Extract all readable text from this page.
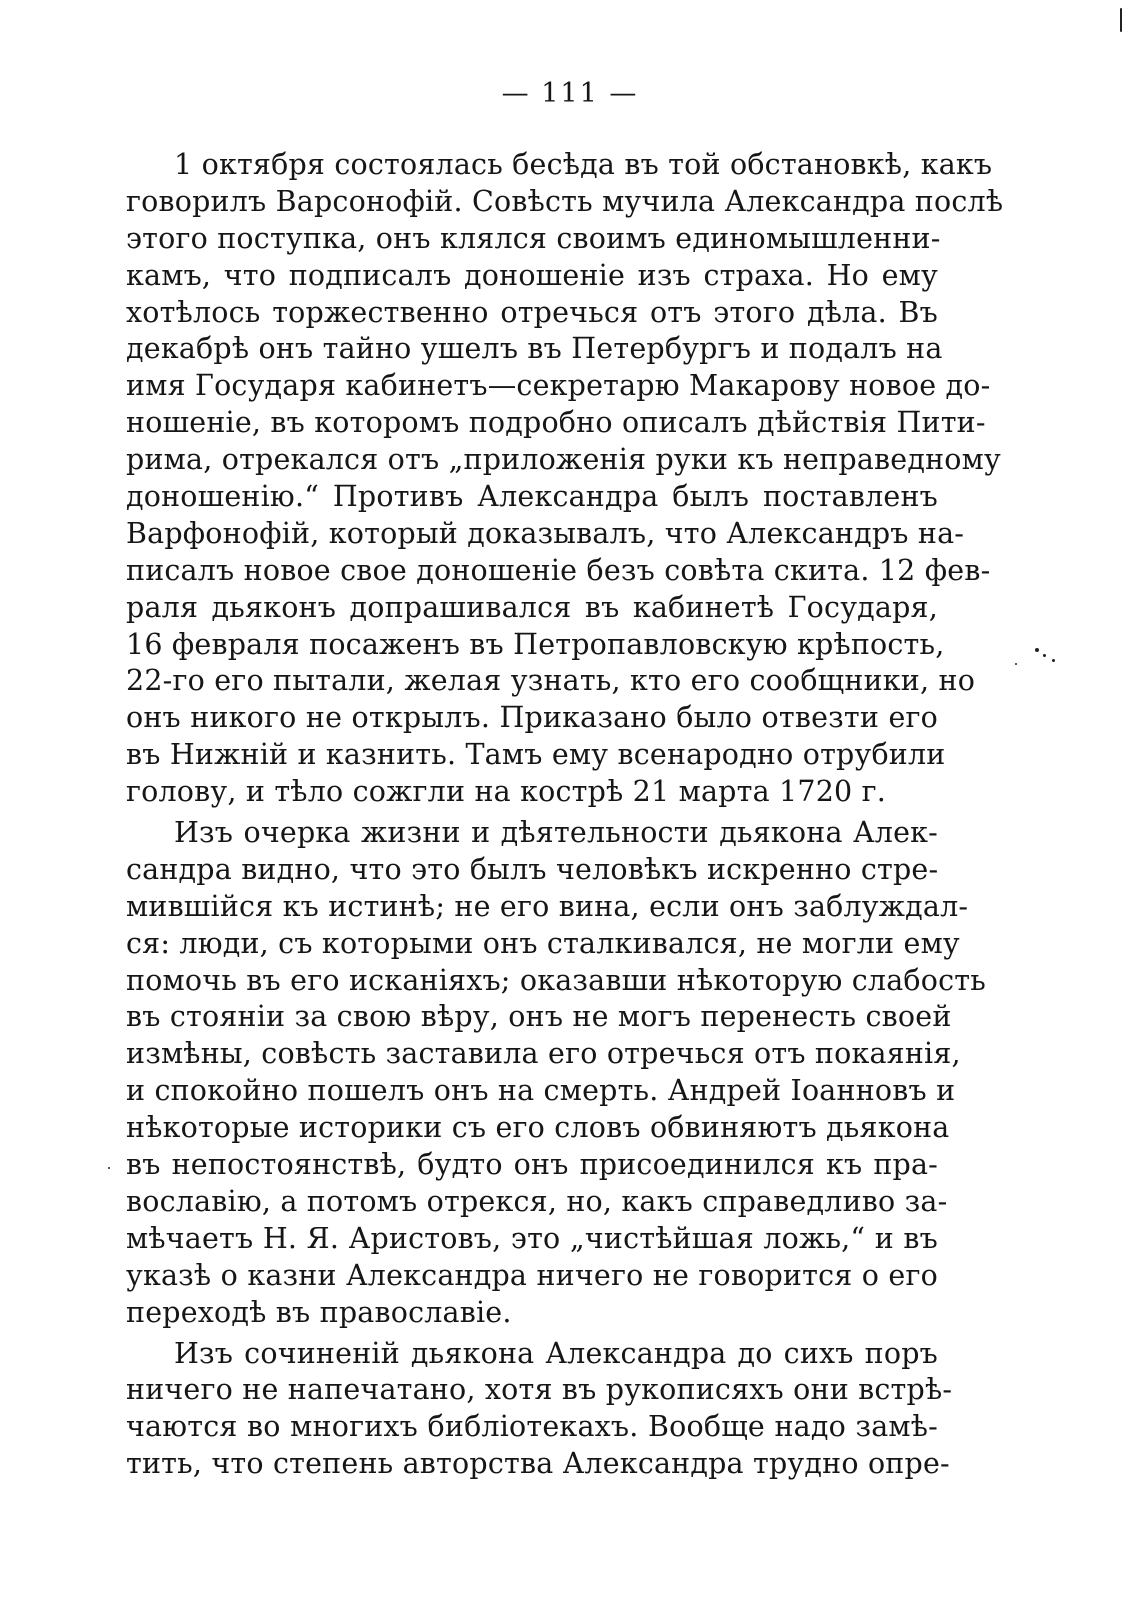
— 111 —
1 октября состоялась бесѣда въ той обстановкѣ, какъ
говорилъ Варсонофій. Совѣсть мучила Александра послѣ
этого поступка, онъ клялся своимъ единомышленни-
камъ, что подписалъ доношеніе изъ страха. Но ему
хотѣлось торжественно отречься отъ этого дѣла. Въ
декабрѣ онъ тайно ушелъ въ Петербургъ и подалъ на
имя Государя кабинетъ—секретарю Макарову новое до-
ношеніе, въ которомъ подробно описалъ дѣйствія Пити-
рима, отрекался отъ „приложенія руки къ неправедному
доношенію.“ Противъ Александра былъ поставленъ
Варфонофій, который доказывалъ, что Александръ на-
писалъ новое свое доношеніе безъ совѣта скита. 12 фев-
раля дьяконъ допрашивался въ кабинетѣ Государя,
16 февраля посаженъ въ Петропавловскую крѣпость,
22-го его пытали, желая узнать, кто его сообщники, но
онъ никого не открылъ. Приказано было отвезти его
въ Нижній и казнить. Тамъ ему всенародно отрубили
голову, и тѣло сожгли на кострѣ 21 марта 1720 г.
Изъ очерка жизни и дѣятельности дьякона Алек-
сандра видно, что это былъ человѣкъ искренно стре-
мившійся къ истинѣ; не его вина, если онъ заблуждал-
ся: люди, съ которыми онъ сталкивался, не могли ему
помочь въ его исканіяхъ; оказавши нѣкоторую слабость
въ стояніи за свою вѣру, онъ не могъ перенесть своей
измѣны, совѣсть заставила его отречься отъ покаянія,
и спокойно пошелъ онъ на смерть. Андрей Іоанновъ и
нѣкоторые историки съ его словъ обвиняютъ дьякона
въ непостоянствѣ, будто онъ присоединился къ пра-
вославію, а потомъ отрекся, но, какъ справедливо за-
мѣчаетъ Н. Я. Аристовъ, это „чистѣйшая ложь,“ и въ
указѣ о казни Александра ничего не говорится о его
переходѣ въ православіе.
Изъ сочиненій дьякона Александра до сихъ поръ
ничего не напечатано, хотя въ рукописяхъ они встрѣ-
чаются во многихъ библіотекахъ. Вообще надо замѣ-
тить, что степень авторства Александра трудно опре-
